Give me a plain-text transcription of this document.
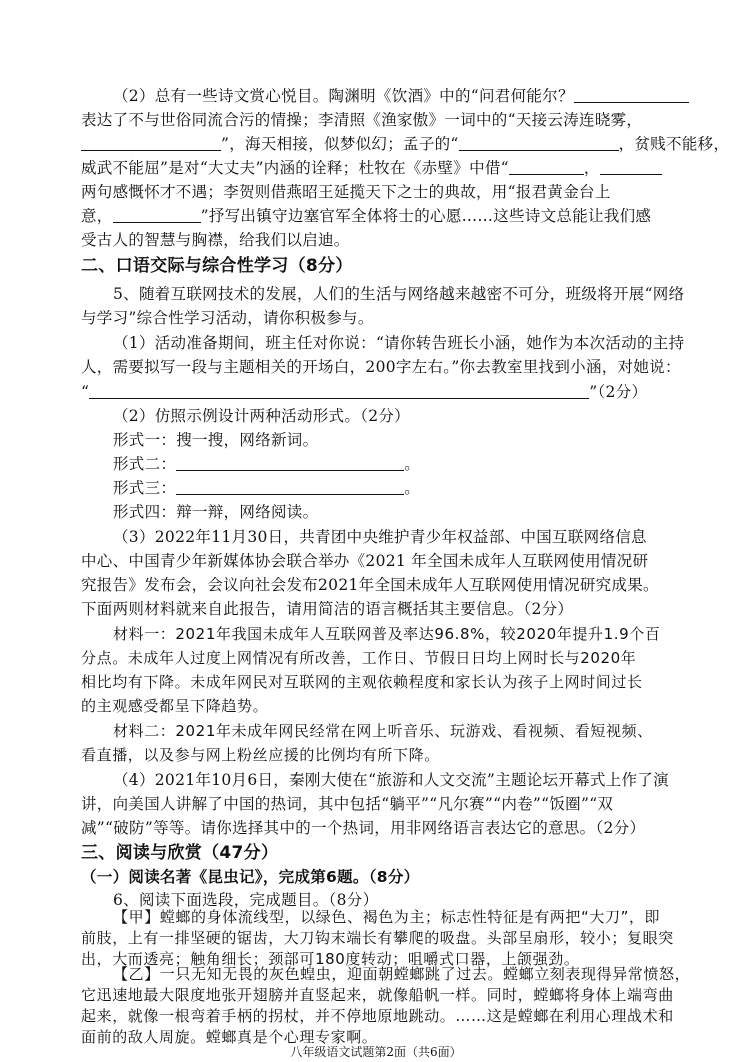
（2）总有一些诗文赏心悦目。陶渊明《饮酒》中的“问君何能尔？
表达了不与世俗同流合污的情操；李清照《渔家傲》一词中的“天接云涛连晓雾，
”，海天相接，似梦似幻；孟子的“	，贫贱不能移，
威武不能屈”是对“大丈夫”内涵的诠释；杜牧在《赤壁》中借“	，
两句感慨怀才不遇；李贺则借燕昭王延揽天下之士的典故，用“报君黄金台上
意，	”抒写出镇守边塞官军全体将士的心愿……这些诗文总能让我们感
受古人的智慧与胸襟，给我们以启迪。
二、口语交际与综合性学习（8分）
5、随着互联网技术的发展，人们的生活与网络越来越密不可分，班级将开展“网络
与学习”综合性学习活动，请你积极参与。
（1）活动准备期间，班主任对你说：“请你转告班长小涵，她作为本次活动的主持
人，需要拟写一段与主题相关的开场白，200字左右。”你去教室里找到小涵，对她说：
“	”（2分）
（2）仿照示例设计两种活动形式。（2分）
形式一：搜一搜，网络新词。
形式二：	。
形式三：	。
形式四：辩一辩，网络阅读。
（3）2022年11月30日，共青团中央维护青少年权益部、中国互联网络信息
中心、中国青少年新媒体协会联合举办《2021 年全国未成年人互联网使用情况研
究报告》发布会，会议向社会发布2021年全国未成年人互联网使用情况研究成果。
下面两则材料就来自此报告，请用简洁的语言概括其主要信息。（2分）
材料一：2021年我国未成年人互联网普及率达96.8%，较2020年提升1.9个百
分点。未成年人过度上网情况有所改善，工作日、节假日日均上网时长与2020年
相比均有下降。未成年网民对互联网的主观依赖程度和家长认为孩子上网时间过长
的主观感受都呈下降趋势。
材料二：2021年未成年网民经常在网上听音乐、玩游戏、看视频、看短视频、
看直播，以及参与网上粉丝应援的比例均有所下降。
（4）2021年10月6日，秦刚大使在“旅游和人文交流”主题论坛开幕式上作了演
讲，向美国人讲解了中国的热词，其中包括“躺平”“凡尔赛”“内卷”“饭圈”“双
减”“破防”等等。请你选择其中的一个热词，用非网络语言表达它的意思。（2分）
三、阅读与欣赏（47分）
（一）阅读名著《昆虫记》，完成第6题。（8分）
6、阅读下面选段，完成题目。（8分）
【甲】螳螂的身体流线型，以绿色、褐色为主；标志性特征是有两把“大刀”，即
前肢，上有一排坚硬的锯齿，大刀钩末端长有攀爬的吸盘。头部呈扇形，较小；复眼突
出，大而透亮；触角细长；颈部可180度转动；咀嚼式口器，上颌强劲。
八年级语文试题第2面（共6面）
【乙】一只无知无畏的灰色蝗虫，迎面朝螳螂跳了过去。螳螂立刻表现得异常愤怒，
它迅速地最大限度地张开翅膀并直竖起来，就像船帆一样。同时，螳螂将身体上端弯曲
起来，就像一根弯着手柄的拐杖，并不停地原地跳动。……这是螳螂在利用心理战术和
面前的敌人周旋。螳螂真是个心理专家啊。
